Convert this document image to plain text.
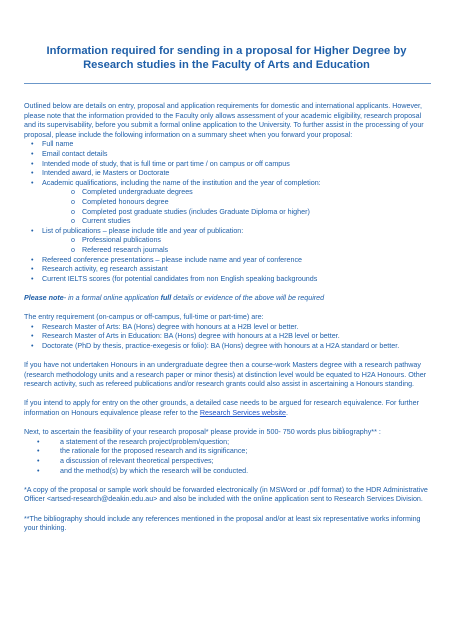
Information required for sending in a proposal for Higher Degree by Research studies in the Faculty of Arts and Education

Outlined below are details on entry, proposal and application requirements for domestic and international applicants. However, please note that the information provided to the Faculty only allows assessment of your academic eligibility, research proposal and its supervisability, before you submit a formal online application to the University. To further assist in the processing of your proposal, please include the following information on a summary sheet when you forward your proposal:

• Full name
• Email contact details
• Intended mode of study, that is full time or part time / on campus or off campus
• Intended award, ie Masters or Doctorate
• Academic qualifications, including the name of the institution and the year of completion:
o Completed undergraduate degrees
o Completed honours degree
o Completed post graduate studies (includes Graduate Diploma or higher)
o Current studies
• List of publications – please include title and year of publication:
o Professional publications
o Refereed research journals
• Refereed conference presentations – please include name and year of conference
• Research activity, eg research assistant
• Current IELTS scores (for potential candidates from non English speaking backgrounds

Please note- in a formal online application full details or evidence of the above will be required

The entry requirement (on-campus or off-campus, full-time or part-time) are:

• Research Master of Arts: BA (Hons) degree with honours at a H2B level or better.
• Research Master of Arts in Education: BA (Hons) degree with honours at a H2B level or better.
• Doctorate (PhD by thesis, practice-exegesis or folio): BA (Hons) degree with honours at a H2A standard or better.

If you have not undertaken Honours in an undergraduate degree then a course-work Masters degree with a research pathway (research methodology units and a research paper or minor thesis) at distinction level would be equated to H2A Honours. Other research activity, such as refereed publications and/or research grants could also assist in ascertaining a Honours standing.

If you intend to apply for entry on the other grounds, a detailed case needs to be argued for research equivalence. For further information on Honours equivalence please refer to the Research Services website.

Next, to ascertain the feasibility of your research proposal* please provide in 500- 750 words plus bibliography** :

• a statement of the research project/problem/question;
• the rationale for the proposed research and its significance;
• a discussion of relevant theoretical perspectives;
• and the method(s) by which the research will be conducted.

*A copy of the proposal or sample work should be forwarded electronically (in MSWord or .pdf format) to the HDR Administrative Officer <artsed-research@deakin.edu.au> and also be included with the online application sent to Research Services Division.

**The bibliography should include any references mentioned in the proposal and/or at least six representative works informing your thinking.
